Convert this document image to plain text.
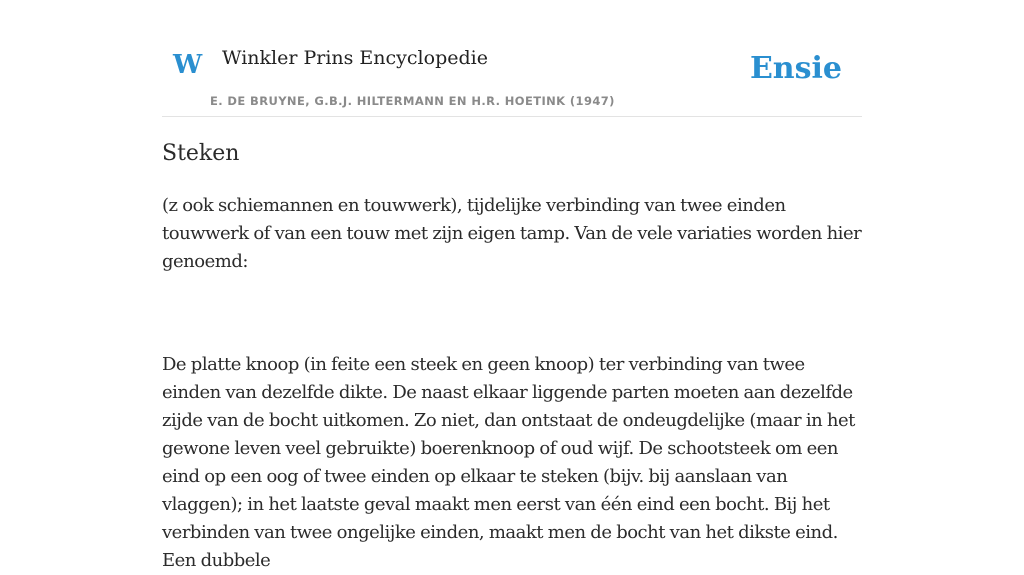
W Winkler Prins Encyclopedie
E. DE BRUYNE, G.B.J. HILTERMANN EN H.R. HOETINK (1947)
Ensie
Steken

(z ook schiemannen en touwwerk), tijdelijke verbinding van twee einden touwwerk of van een touw met zijn eigen tamp. Van de vele variaties worden hier genoemd:

De platte knoop (in feite een steek en geen knoop) ter verbinding van twee einden van dezelfde dikte. De naast elkaar liggende parten moeten aan dezelfde zijde van de bocht uitkomen. Zo niet, dan ontstaat de ondeugdelijke (maar in het gewone leven veel gebruikte) boerenknoop of oud wijf. De schootsteek om een eind op een oog of twee einden op elkaar te steken (bijv. bij aanslaan van vlaggen); in het laatste geval maakt men eerst van één eind een bocht. Bij het verbinden van twee ongelijke einden, maakt men de bocht van het dikste eind. Een dubbele
